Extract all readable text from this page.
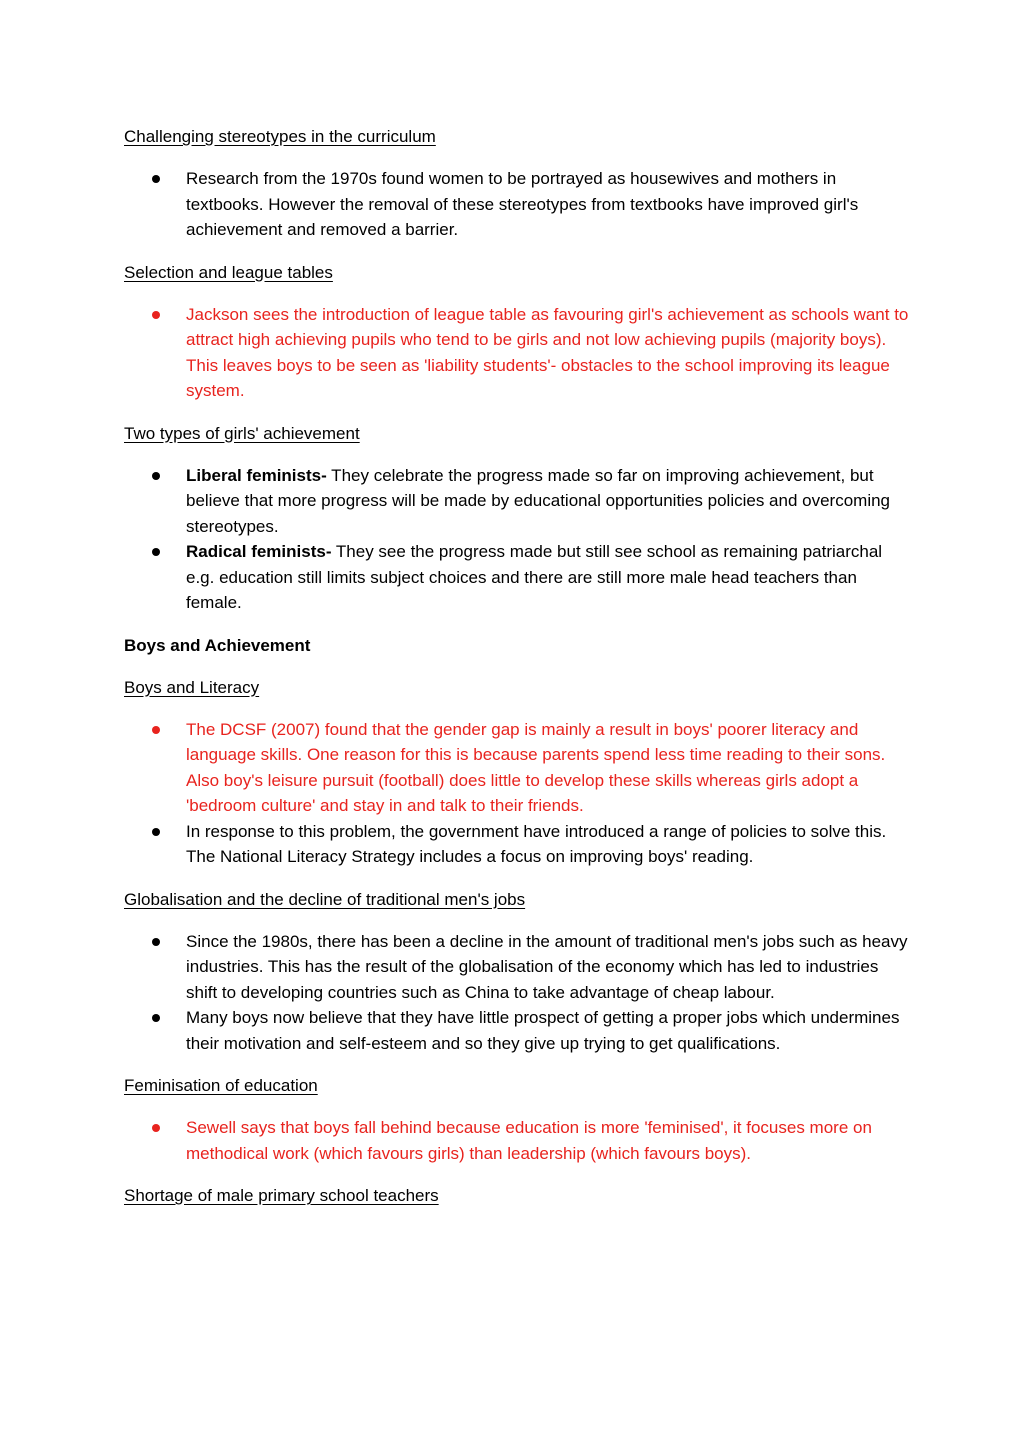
Challenging stereotypes in the curriculum
Research from the 1970s found women to be portrayed as housewives and mothers in textbooks. However the removal of these stereotypes from textbooks have improved girl's achievement and removed a barrier.
Selection and league tables
Jackson sees the introduction of league table as favouring girl's achievement as schools want to attract high achieving pupils who tend to be girls and not low achieving pupils (majority boys). This leaves boys to be seen as 'liability students'- obstacles to the school improving its league system.
Two types of girls' achievement
Liberal feminists- They celebrate the progress made so far on improving achievement, but believe that more progress will be made by educational opportunities policies and overcoming stereotypes.
Radical feminists- They see the progress made but still see school as remaining patriarchal e.g. education still limits subject choices and there are still more male head teachers than female.
Boys and Achievement
Boys and Literacy
The DCSF (2007) found that the gender gap is mainly a result in boys' poorer literacy and language skills. One reason for this is because parents spend less time reading to their sons. Also boy's leisure pursuit (football) does little to develop these skills whereas girls adopt a 'bedroom culture' and stay in and talk to their friends.
In response to this problem, the government have introduced a range of policies to solve this. The National Literacy Strategy includes a focus on improving boys' reading.
Globalisation and the decline of traditional men's jobs
Since the 1980s, there has been a decline in the amount of traditional men's jobs such as heavy industries. This has the result of the globalisation of the economy which has led to industries shift to developing countries such as China to take advantage of cheap labour.
Many boys now believe that they have little prospect of getting a proper jobs which undermines their motivation and self-esteem and so they give up trying to get qualifications.
Feminisation of education
Sewell says that boys fall behind because education is more 'feminised', it focuses more on methodical work (which favours girls) than leadership (which favours boys).
Shortage of male primary school teachers
